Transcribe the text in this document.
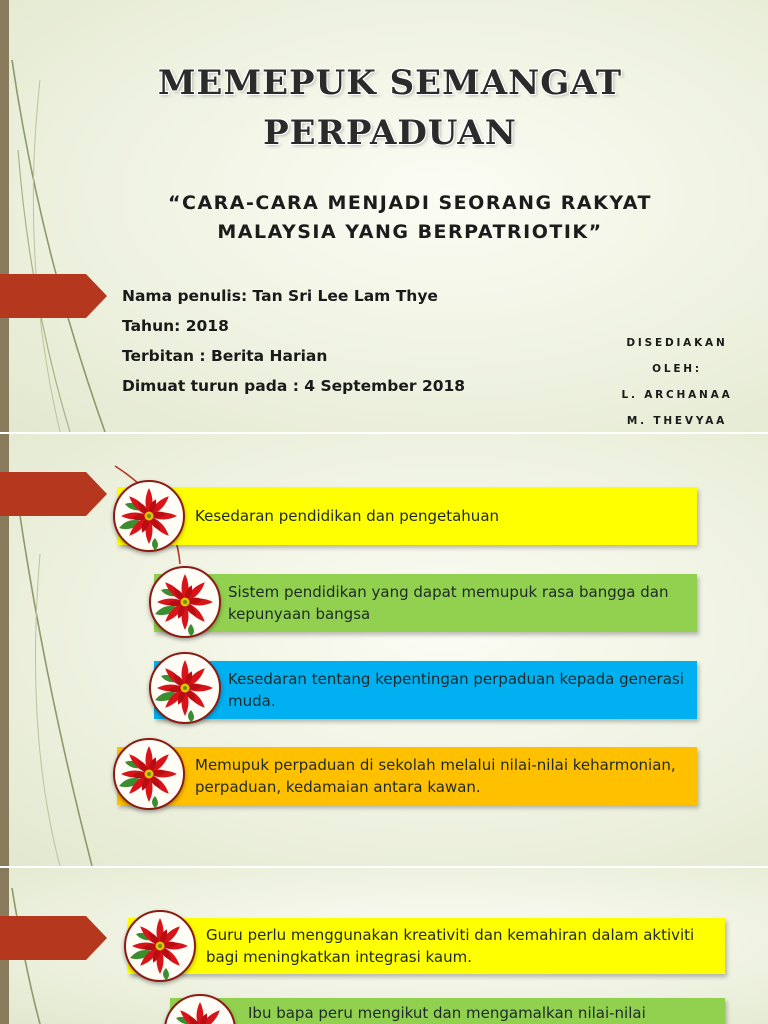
MEMEPUK SEMANGAT
PERPADUAN
“CARA-CARA MENJADI SEORANG RAKYAT
MALAYSIA YANG BERPATRIOTIK”
Nama penulis: Tan Sri Lee Lam Thye
Tahun: 2018
Terbitan : Berita Harian
Dimuat turun pada : 4 September 2018
DISEDIAKAN OLEH:
L. ARCHANAA
M. THEVYAA
Kesedaran pendidikan dan pengetahuan
Sistem pendidikan yang dapat memupuk rasa bangga dan kepunyaan bangsa
Kesedaran tentang kepentingan perpaduan kepada generasi muda.
Memupuk perpaduan di sekolah melalui nilai-nilai keharmonian, perpaduan, kedamaian antara kawan.
Guru perlu menggunakan kreativiti dan kemahiran dalam aktiviti bagi meningkatkan integrasi kaum.
Ibu bapa peru mengikut dan mengamalkan nilai-nilai
